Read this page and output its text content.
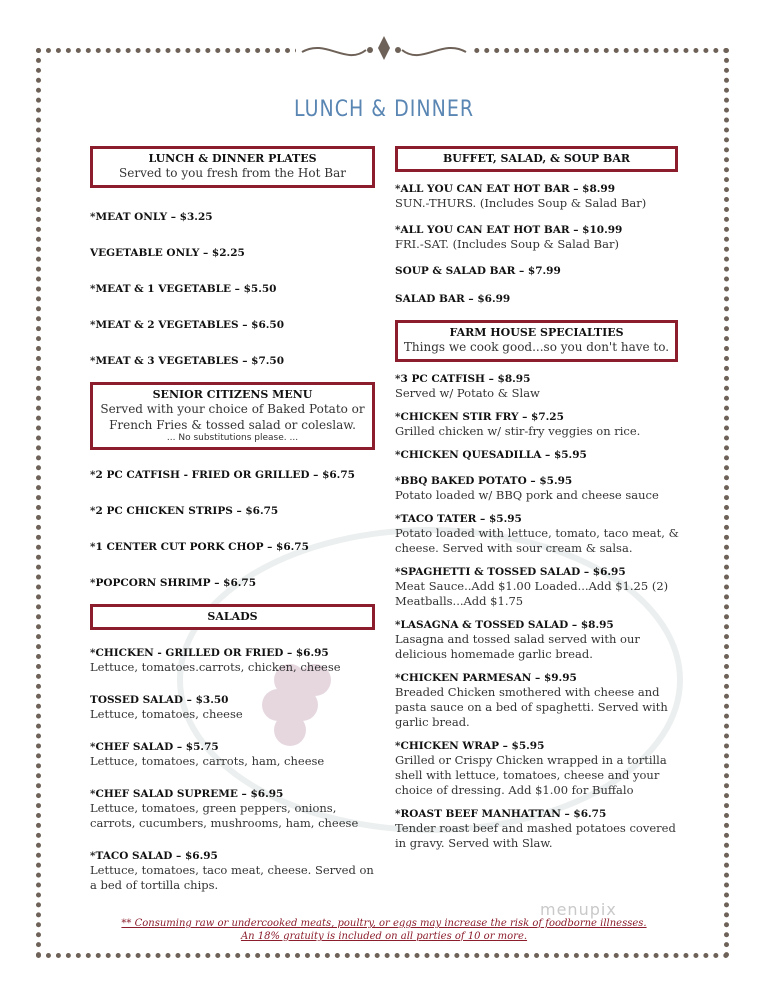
LUNCH & DINNER
LUNCH & DINNER PLATES
Served to you fresh from the Hot Bar
*MEAT ONLY – $3.25
VEGETABLE ONLY – $2.25
*MEAT & 1 VEGETABLE – $5.50
*MEAT & 2 VEGETABLES – $6.50
*MEAT & 3 VEGETABLES – $7.50
SENIOR CITIZENS MENU
Served with your choice of Baked Potato or
French Fries & tossed salad or coleslaw.
... No substitutions please. ...
*2 PC CATFISH - FRIED OR GRILLED – $6.75
*2 PC CHICKEN STRIPS – $6.75
*1 CENTER CUT PORK CHOP – $6.75
*POPCORN SHRIMP – $6.75
SALADS
*CHICKEN - GRILLED OR FRIED – $6.95
Lettuce, tomatoes.carrots, chicken, cheese
TOSSED SALAD – $3.50
Lettuce, tomatoes, cheese
*CHEF SALAD – $5.75
Lettuce, tomatoes, carrots, ham, cheese
*CHEF SALAD SUPREME – $6.95
Lettuce, tomatoes, green peppers, onions, carrots, cucumbers, mushrooms, ham, cheese
*TACO SALAD – $6.95
Lettuce, tomatoes, taco meat, cheese. Served on a bed of tortilla chips.
BUFFET, SALAD, & SOUP BAR
*ALL YOU CAN EAT HOT BAR – $8.99
SUN.-THURS. (Includes Soup & Salad Bar)
*ALL YOU CAN EAT HOT BAR – $10.99
FRI.-SAT. (Includes Soup & Salad Bar)
SOUP & SALAD BAR – $7.99
SALAD BAR – $6.99
FARM HOUSE SPECIALTIES
Things we cook good...so you don't have to.
*3 PC CATFISH – $8.95
Served w/ Potato & Slaw
*CHICKEN STIR FRY – $7.25
Grilled chicken w/ stir-fry veggies on rice.
*CHICKEN QUESADILLA – $5.95
*BBQ BAKED POTATO – $5.95
Potato loaded w/ BBQ pork and cheese sauce
*TACO TATER – $5.95
Potato loaded with lettuce, tomato, taco meat, & cheese. Served with sour cream & salsa.
*SPAGHETTI & TOSSED SALAD – $6.95
Meat Sauce..Add $1.00 Loaded...Add $1.25 (2) Meatballs...Add $1.75
*LASAGNA & TOSSED SALAD – $8.95
Lasagna and tossed salad served with our delicious homemade garlic bread.
*CHICKEN PARMESAN – $9.95
Breaded Chicken smothered with cheese and pasta sauce on a bed of spaghetti. Served with garlic bread.
*CHICKEN WRAP – $5.95
Grilled or Crispy Chicken wrapped in a tortilla shell with lettuce, tomatoes, cheese and your choice of dressing. Add $1.00 for Buffalo
*ROAST BEEF MANHATTAN – $6.75
Tender roast beef and mashed potatoes covered in gravy. Served with Slaw.
** Consuming raw or undercooked meats, poultry, or eggs may increase the risk of foodborne illnesses.
An 18% gratuity is included on all parties of 10 or more.
menupix
